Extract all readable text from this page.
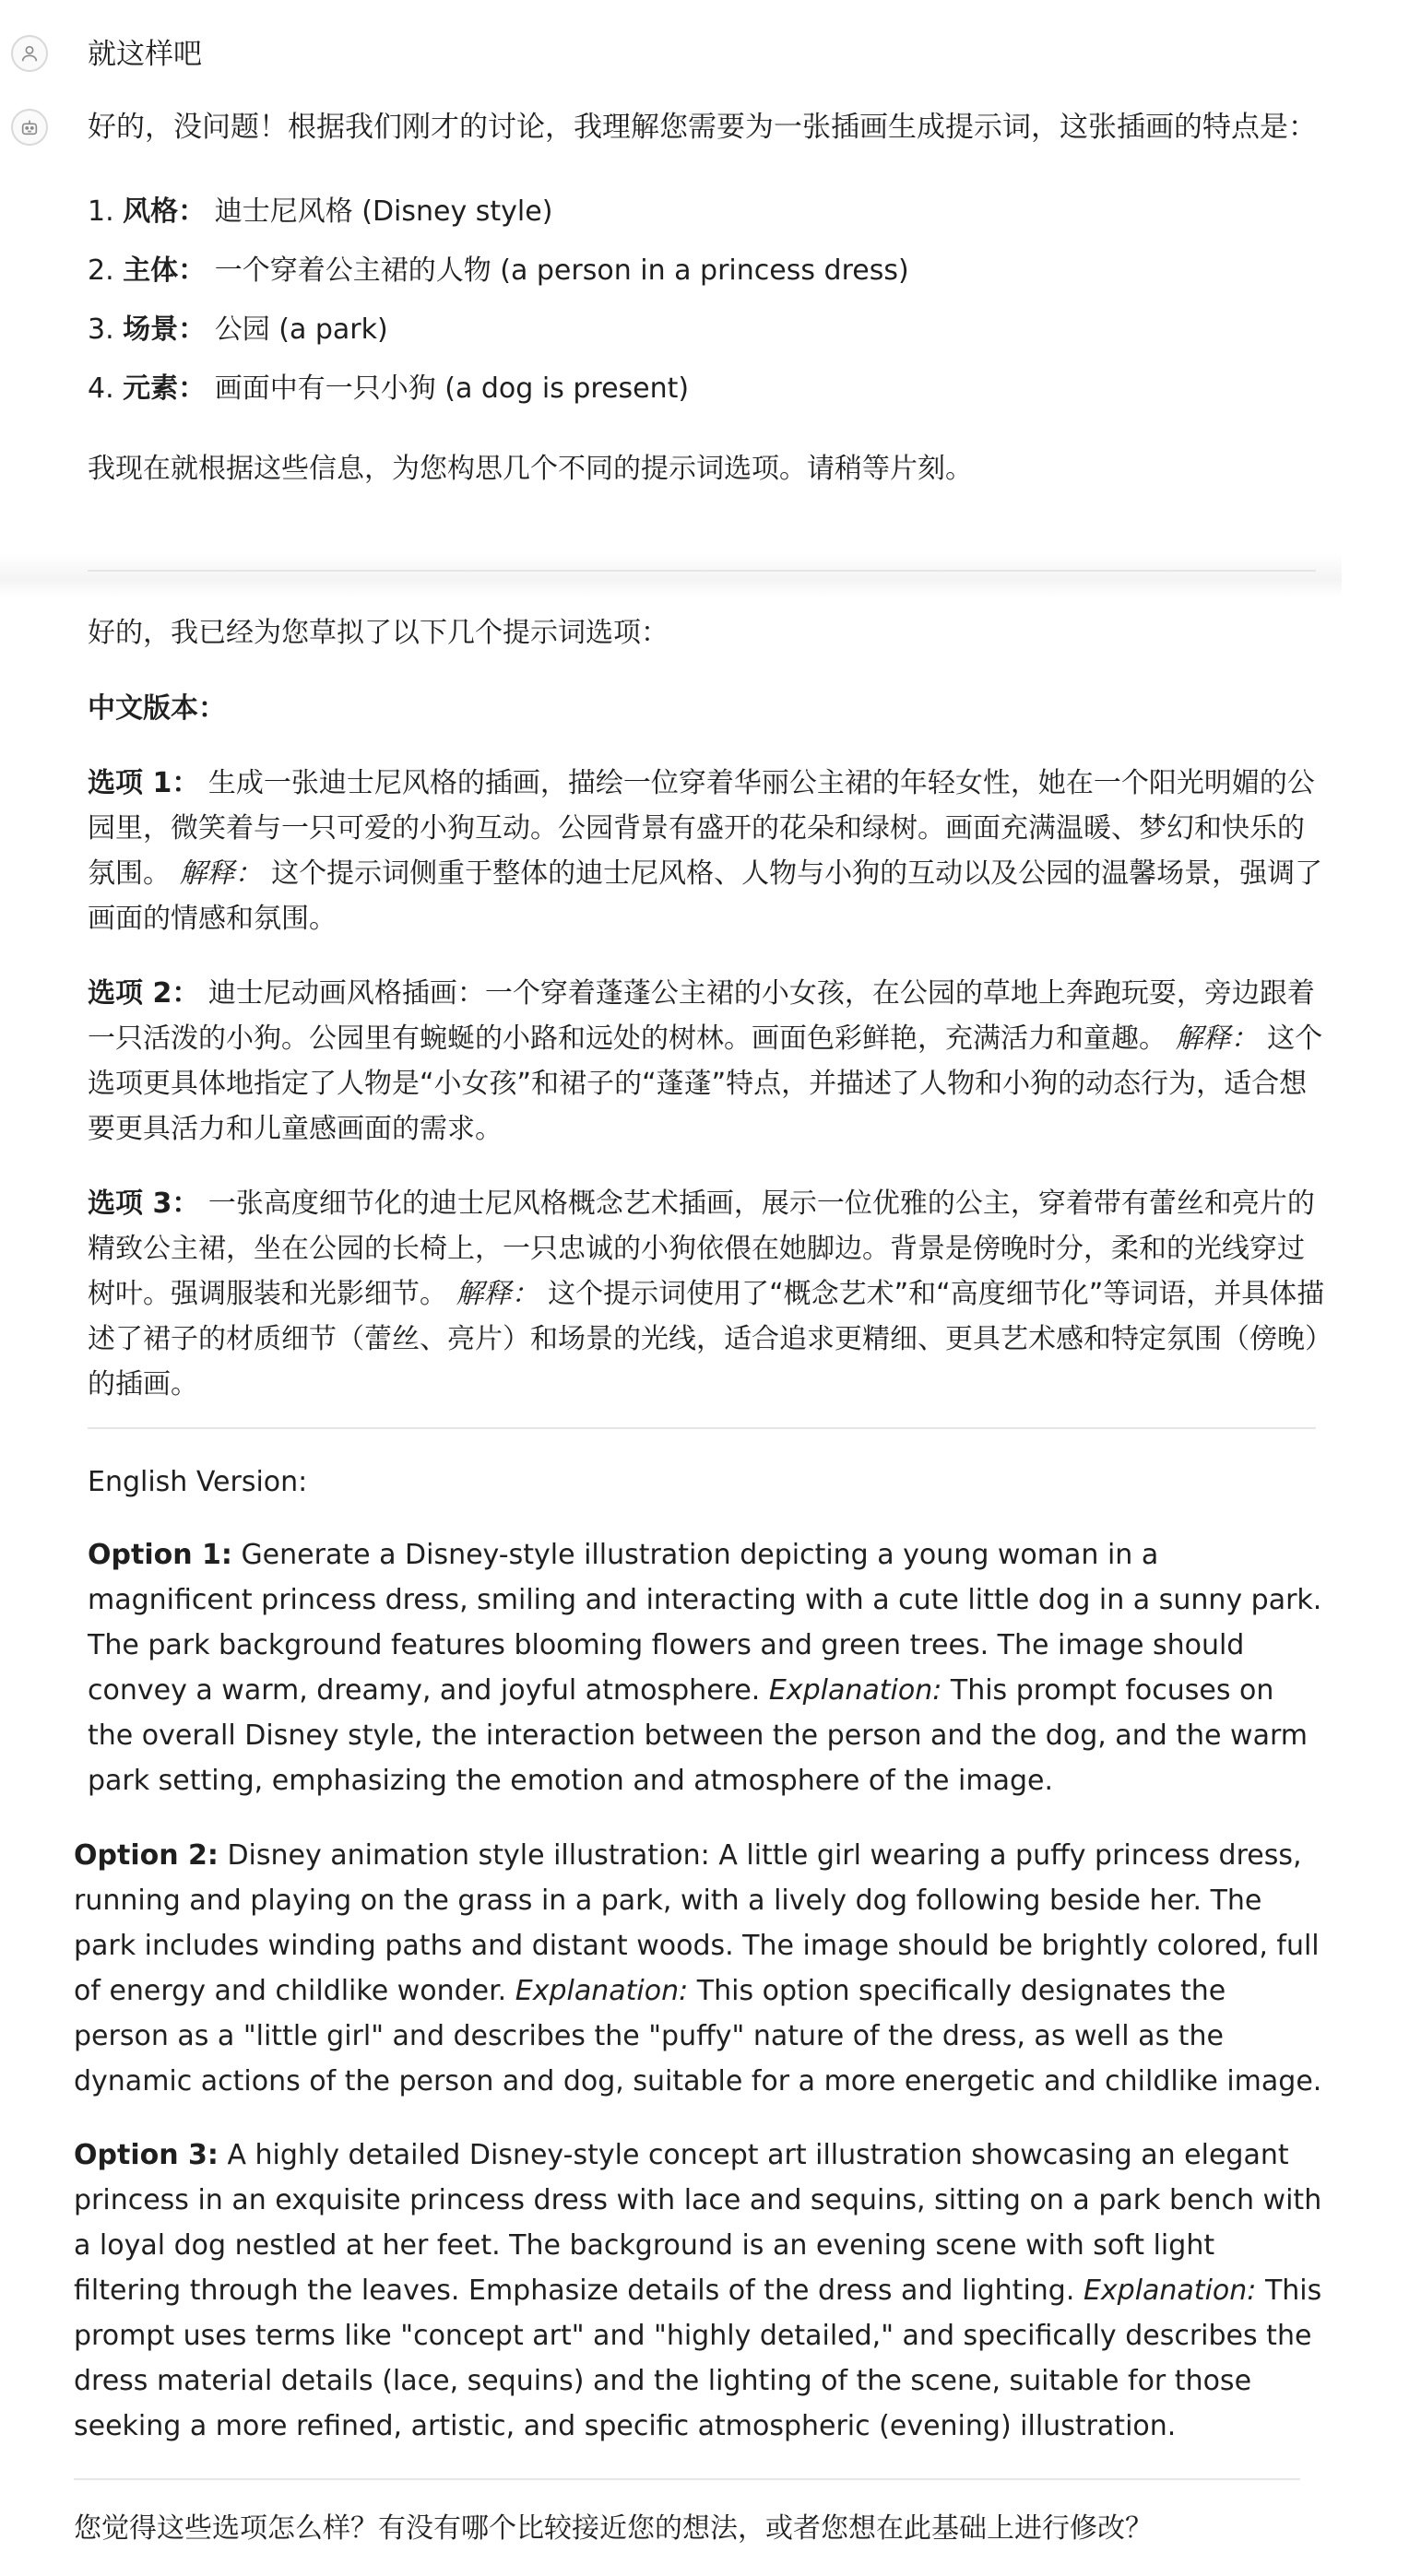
就这样吧

好的，没问题！根据我们刚才的讨论，我理解您需要为一张插画生成提示词，这张插画的特点是：

1. 风格： 迪士尼风格 (Disney style)
2. 主体： 一个穿着公主裙的人物 (a person in a princess dress)
3. 场景： 公园 (a park)
4. 元素： 画面中有一只小狗 (a dog is present)

我现在就根据这些信息，为您构思几个不同的提示词选项。请稍等片刻。

好的，我已经为您草拟了以下几个提示词选项：
中文版本：
选项 1： 生成一张迪士尼风格的插画，描绘一位穿着华丽公主裙的年轻女性，她在一个阳光明媚的公园里，微笑着与一只可爱的小狗互动。公园背景有盛开的花朵和绿树。画面充满温暖、梦幻和快乐的氛围。 解释： 这个提示词侧重于整体的迪士尼风格、人物与小狗的互动以及公园的温馨场景，强调了画面的情感和氛围。
选项 2： 迪士尼动画风格插画：一个穿着蓬蓬公主裙的小女孩，在公园的草地上奔跑玩耍，旁边跟着一只活泼的小狗。公园里有蜿蜒的小路和远处的树林。画面色彩鲜艳，充满活力和童趣。 解释： 这个选项更具体地指定了人物是“小女孩”和裙子的“蓬蓬”特点，并描述了人物和小狗的动态行为，适合想要更具活力和儿童感画面的需求。
选项 3： 一张高度细节化的迪士尼风格概念艺术插画，展示一位优雅的公主，穿着带有蕾丝和亮片的精致公主裙，坐在公园的长椅上，一只忠诚的小狗依偎在她脚边。背景是傍晚时分，柔和的光线穿过树叶。强调服装和光影细节。 解释： 这个提示词使用了“概念艺术”和“高度细节化”等词语，并具体描述了裙子的材质细节（蕾丝、亮片）和场景的光线，适合追求更精细、更具艺术感和特定氛围（傍晚）的插画。
English Version:
Option 1: Generate a Disney-style illustration depicting a young woman in a magnificent princess dress, smiling and interacting with a cute little dog in a sunny park. The park background features blooming flowers and green trees. The image should convey a warm, dreamy, and joyful atmosphere. Explanation: This prompt focuses on the overall Disney style, the interaction between the person and the dog, and the warm park setting, emphasizing the emotion and atmosphere of the image.
Option 2: Disney animation style illustration: A little girl wearing a puffy princess dress, running and playing on the grass in a park, with a lively dog following beside her. The park includes winding paths and distant woods. The image should be brightly colored, full of energy and childlike wonder. Explanation: This option specifically designates the person as a "little girl" and describes the "puffy" nature of the dress, as well as the dynamic actions of the person and dog, suitable for a more energetic and childlike image.
Option 3: A highly detailed Disney-style concept art illustration showcasing an elegant princess in an exquisite princess dress with lace and sequins, sitting on a park bench with a loyal dog nestled at her feet. The background is an evening scene with soft light filtering through the leaves. Emphasize details of the dress and lighting. Explanation: This prompt uses terms like "concept art" and "highly detailed," and specifically describes the dress material details (lace, sequins) and the lighting of the scene, suitable for those seeking a more refined, artistic, and specific atmospheric (evening) illustration.
您觉得这些选项怎么样？有没有哪个比较接近您的想法，或者您想在此基础上进行修改？
